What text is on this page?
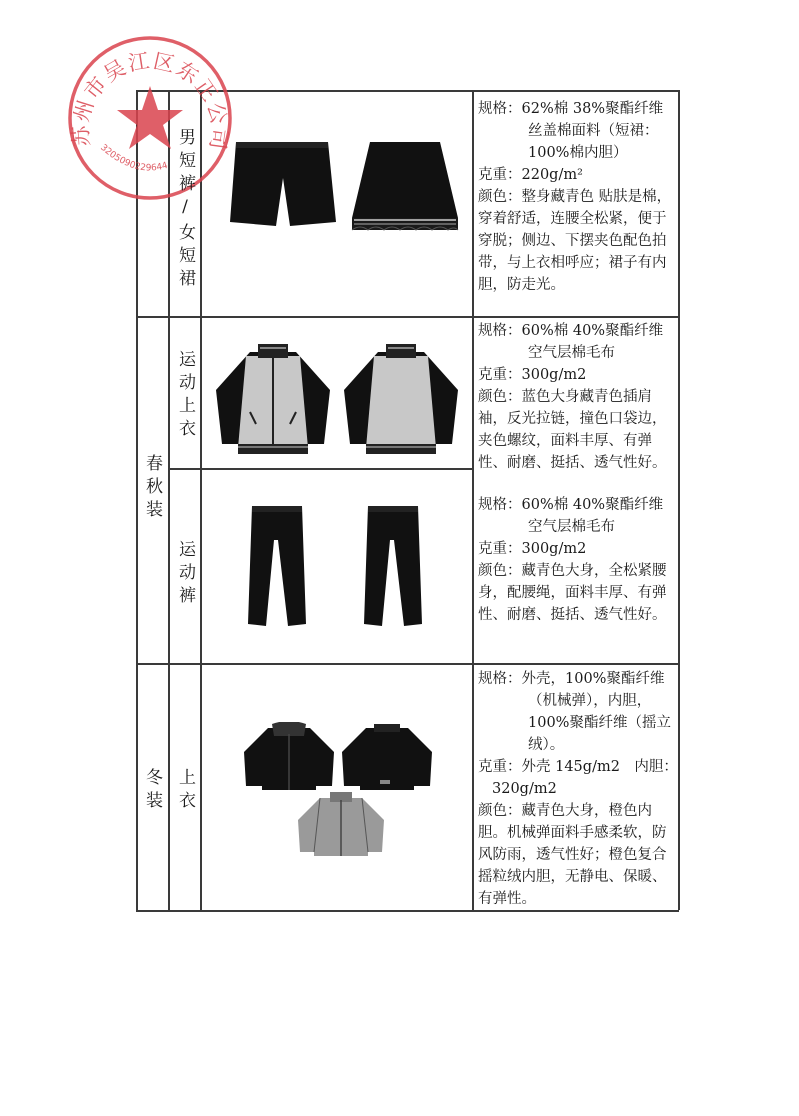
苏州市吴江区东正公司
3205090229644 男短裤/女短裙

规格：62%棉 38%聚酯纤维

丝盖棉面料（短裙：

100%棉内胆）

克重：220g/m²

颜色：整身藏青色 贴肤是棉，穿着舒适，连腰全松紧，便于穿脱；侧边、下摆夹色配色拍带，与上衣相呼应；裙子有内胆，防走光。

春秋装
运动上衣
运动裤

规格：60%棉 40%聚酯纤维

空气层棉毛布

克重：300g/m2

颜色：蓝色大身藏青色插肩袖，反光拉链，撞色口袋边，夹色螺纹，面料丰厚、有弹性、耐磨、挺括、透气性好。

规格：60%棉 40%聚酯纤维

空气层棉毛布

克重：300g/m2

颜色：藏青色大身，全松紧腰身，配腰绳，面料丰厚、有弹性、耐磨、挺括、透气性好。

冬装 上衣

规格：外壳，100%聚酯纤维

（机械弹），内胆，

100%聚酯纤维（摇立

绒）。

克重：外壳 145g/m2　内胆：

320g/m2

颜色：藏青色大身，橙色内胆。机械弹面料手感柔软，防风防雨，透气性好；橙色复合摇粒绒内胆，无静电、保暖、有弹性。
